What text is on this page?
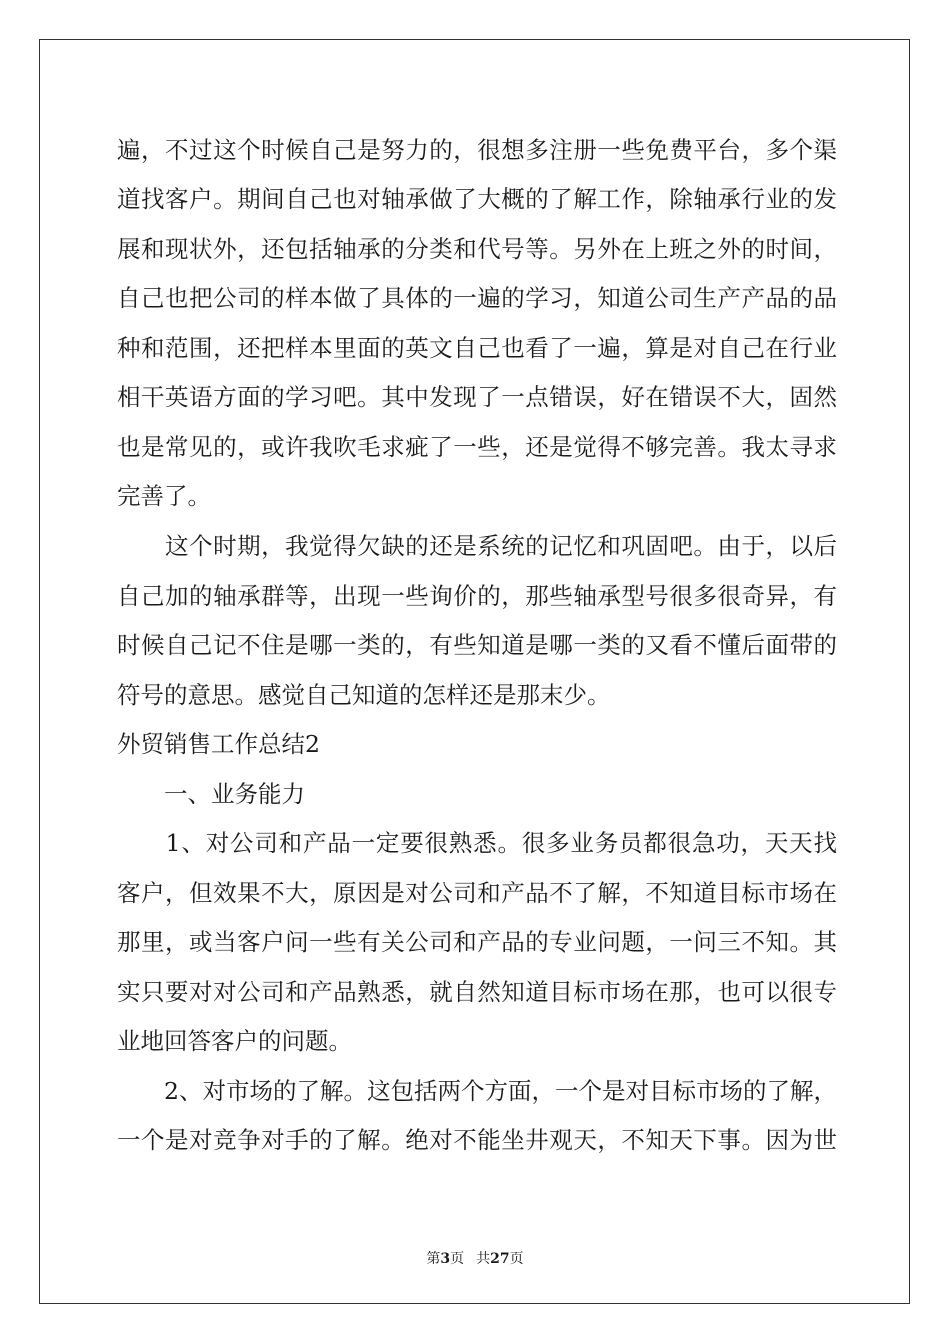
遍，不过这个时候自己是努力的，很想多注册一些免费平台，多个渠
道找客户。期间自己也对轴承做了大概的了解工作，除轴承行业的发
展和现状外，还包括轴承的分类和代号等。另外在上班之外的时间，
自己也把公司的样本做了具体的一遍的学习，知道公司生产产品的品
种和范围，还把样本里面的英文自己也看了一遍，算是对自己在行业
相干英语方面的学习吧。其中发现了一点错误，好在错误不大，固然
也是常见的，或许我吹毛求疵了一些，还是觉得不够完善。我太寻求
完善了。
　　这个时期，我觉得欠缺的还是系统的记忆和巩固吧。由于，以后
自己加的轴承群等，出现一些询价的，那些轴承型号很多很奇异，有
时候自己记不住是哪一类的，有些知道是哪一类的又看不懂后面带的
符号的意思。感觉自己知道的怎样还是那末少。
外贸销售工作总结2
　　一、业务能力
　　1、对公司和产品一定要很熟悉。很多业务员都很急功，天天找
客户，但效果不大，原因是对公司和产品不了解，不知道目标市场在
那里，或当客户问一些有关公司和产品的专业问题，一问三不知。其
实只要对对公司和产品熟悉，就自然知道目标市场在那，也可以很专
业地回答客户的问题。
　　2、对市场的了解。这包括两个方面，一个是对目标市场的了解，
一个是对竞争对手的了解。绝对不能坐井观天，不知天下事。因为世
第3页 共27页
